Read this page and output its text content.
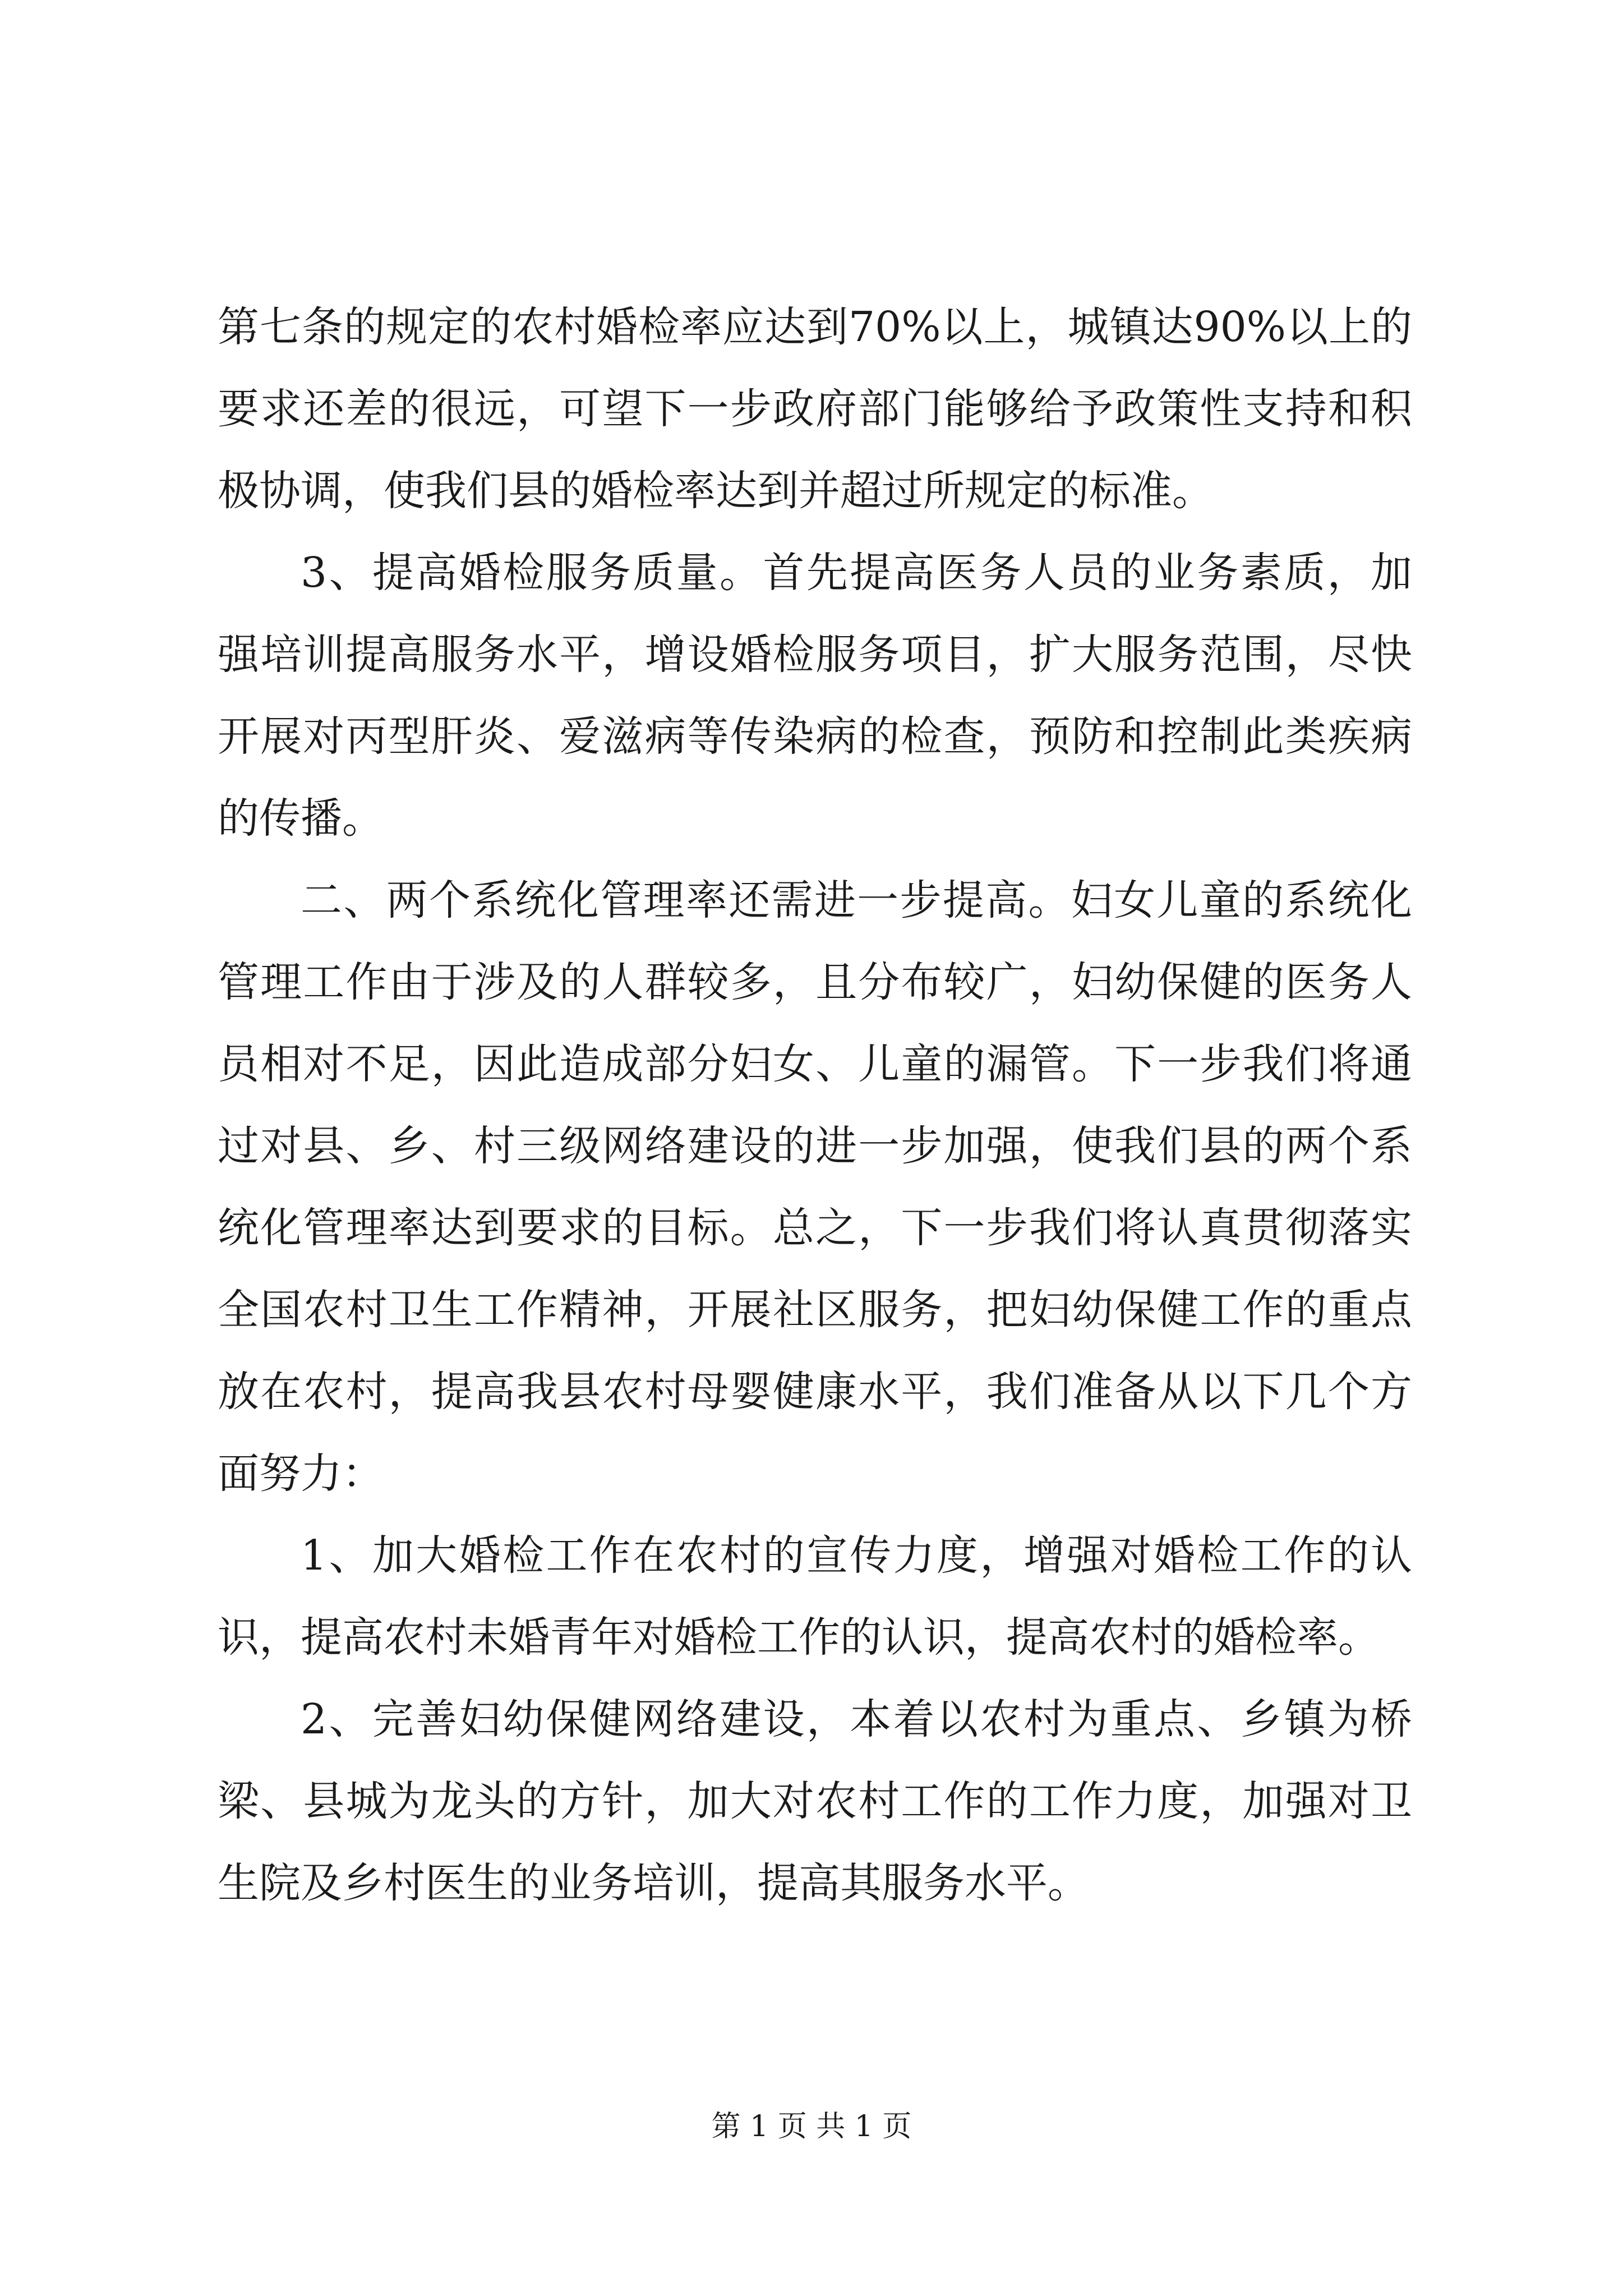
第七条的规定的农村婚检率应达到70%以上，城镇达90%以上的
要求还差的很远，可望下一步政府部门能够给予政策性支持和积
极协调，使我们县的婚检率达到并超过所规定的标准。
3、提高婚检服务质量。首先提高医务人员的业务素质，加
强培训提高服务水平，增设婚检服务项目，扩大服务范围，尽快
开展对丙型肝炎、爱滋病等传染病的检查，预防和控制此类疾病
的传播。
二、两个系统化管理率还需进一步提高。妇女儿童的系统化
管理工作由于涉及的人群较多，且分布较广，妇幼保健的医务人
员相对不足，因此造成部分妇女、儿童的漏管。下一步我们将通
过对县、乡、村三级网络建设的进一步加强，使我们县的两个系
统化管理率达到要求的目标。总之，下一步我们将认真贯彻落实
全国农村卫生工作精神，开展社区服务，把妇幼保健工作的重点
放在农村，提高我县农村母婴健康水平，我们准备从以下几个方
面努力：
1、加大婚检工作在农村的宣传力度，增强对婚检工作的认
识，提高农村未婚青年对婚检工作的认识，提高农村的婚检率。
2、完善妇幼保健网络建设，本着以农村为重点、乡镇为桥
梁、县城为龙头的方针，加大对农村工作的工作力度，加强对卫
生院及乡村医生的业务培训，提高其服务水平。
第 1 页 共 1 页
